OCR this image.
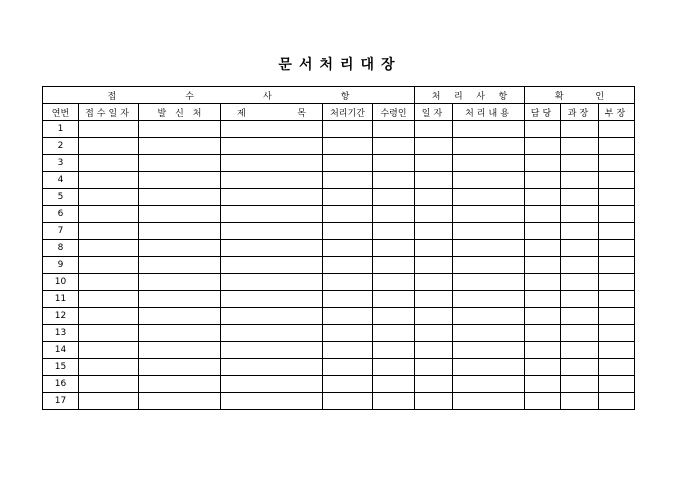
문서처리대장
접 수 사 항						처 리 사 항		확 인		

연번	접수일자	발 신 처	제 목	처리기간	수령인	일자	처리내용	담당	과장	부장
1										
2										
3										
4										
5										
6										
7										
8										
9										
10										
11										
12										
13										
14										
15										
16										
17										
